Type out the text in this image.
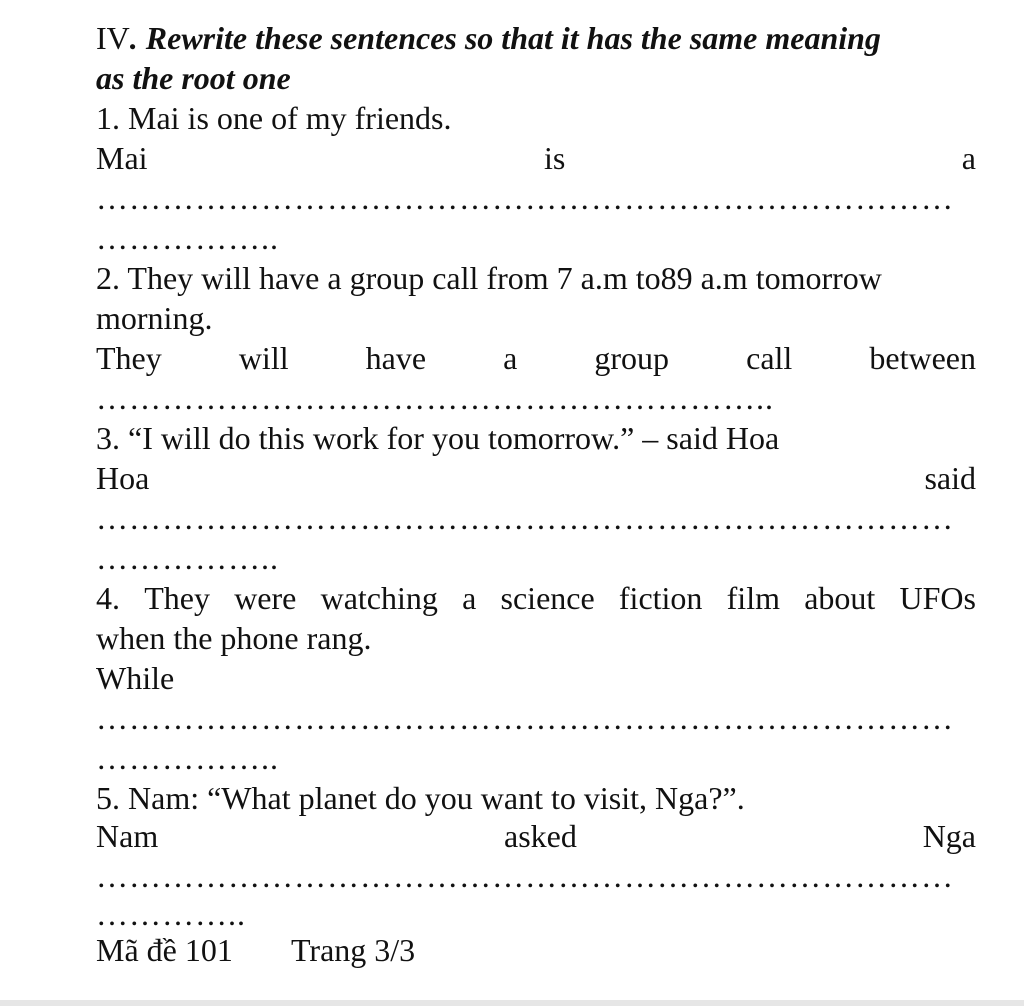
IV. Rewrite these sentences so that it has the same meaning
as the root one
1. Mai is one of my friends.
Mai	is	a
……………………………………………………………………
……………..
2. They will have a group call from 7 a.m to89 a.m tomorrow
morning.
They will have a group call between
……………………………………………………..
3. “I will do this work for you tomorrow.” – said Hoa
Hoa	said
……………………………………………………………………
……………..
4. They were watching a science fiction film about UFOs
when the phone rang.
While
……………………………………………………………………
……………..
5. Nam: “What planet do you want to visit, Nga?”.
Nam	asked	Nga
……………………………………………………………………
…………..
Mã đề 101 Trang 3/3
